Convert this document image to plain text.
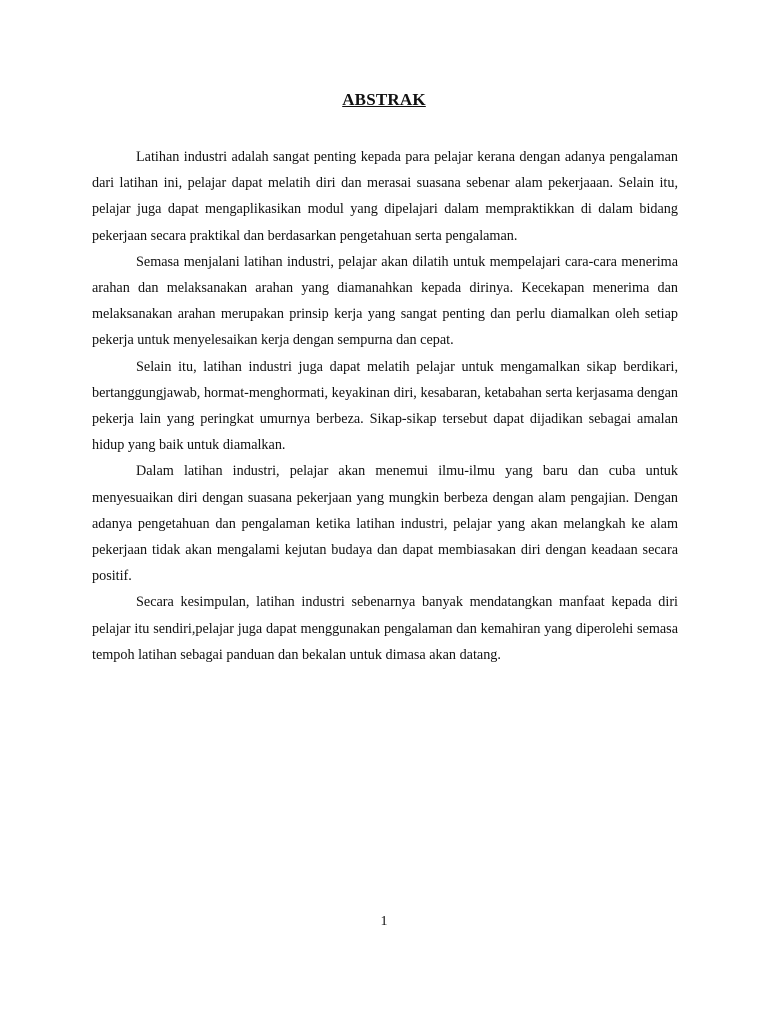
ABSTRAK

Latihan industri adalah sangat penting kepada para pelajar kerana dengan adanya pengalaman dari latihan ini, pelajar dapat melatih diri dan merasai suasana sebenar alam pekerjaaan. Selain itu, pelajar juga dapat mengaplikasikan modul yang dipelajari dalam mempraktikkan di dalam bidang pekerjaan secara praktikal dan berdasarkan pengetahuan serta pengalaman.

Semasa menjalani latihan industri, pelajar akan dilatih untuk mempelajari cara-cara menerima arahan dan melaksanakan arahan yang diamanahkan kepada dirinya. Kecekapan menerima dan melaksanakan arahan merupakan prinsip kerja yang sangat penting dan perlu diamalkan oleh setiap pekerja untuk menyelesaikan kerja dengan sempurna dan cepat.

Selain itu, latihan industri juga dapat melatih pelajar untuk mengamalkan sikap berdikari, bertanggungjawab, hormat-menghormati, keyakinan diri, kesabaran, ketabahan serta kerjasama dengan pekerja lain yang peringkat umurnya berbeza. Sikap-sikap tersebut dapat dijadikan sebagai amalan hidup yang baik untuk diamalkan.

Dalam latihan industri, pelajar akan menemui ilmu-ilmu yang baru dan cuba untuk menyesuaikan diri dengan suasana pekerjaan yang mungkin berbeza dengan alam pengajian. Dengan adanya pengetahuan dan pengalaman ketika latihan industri, pelajar yang akan melangkah ke alam pekerjaan tidak akan mengalami kejutan budaya dan dapat membiasakan diri dengan keadaan secara positif.

Secara kesimpulan, latihan industri sebenarnya banyak mendatangkan manfaat kepada diri pelajar itu sendiri,pelajar juga dapat menggunakan pengalaman dan kemahiran yang diperolehi semasa tempoh latihan sebagai panduan dan bekalan untuk dimasa akan datang.

1
